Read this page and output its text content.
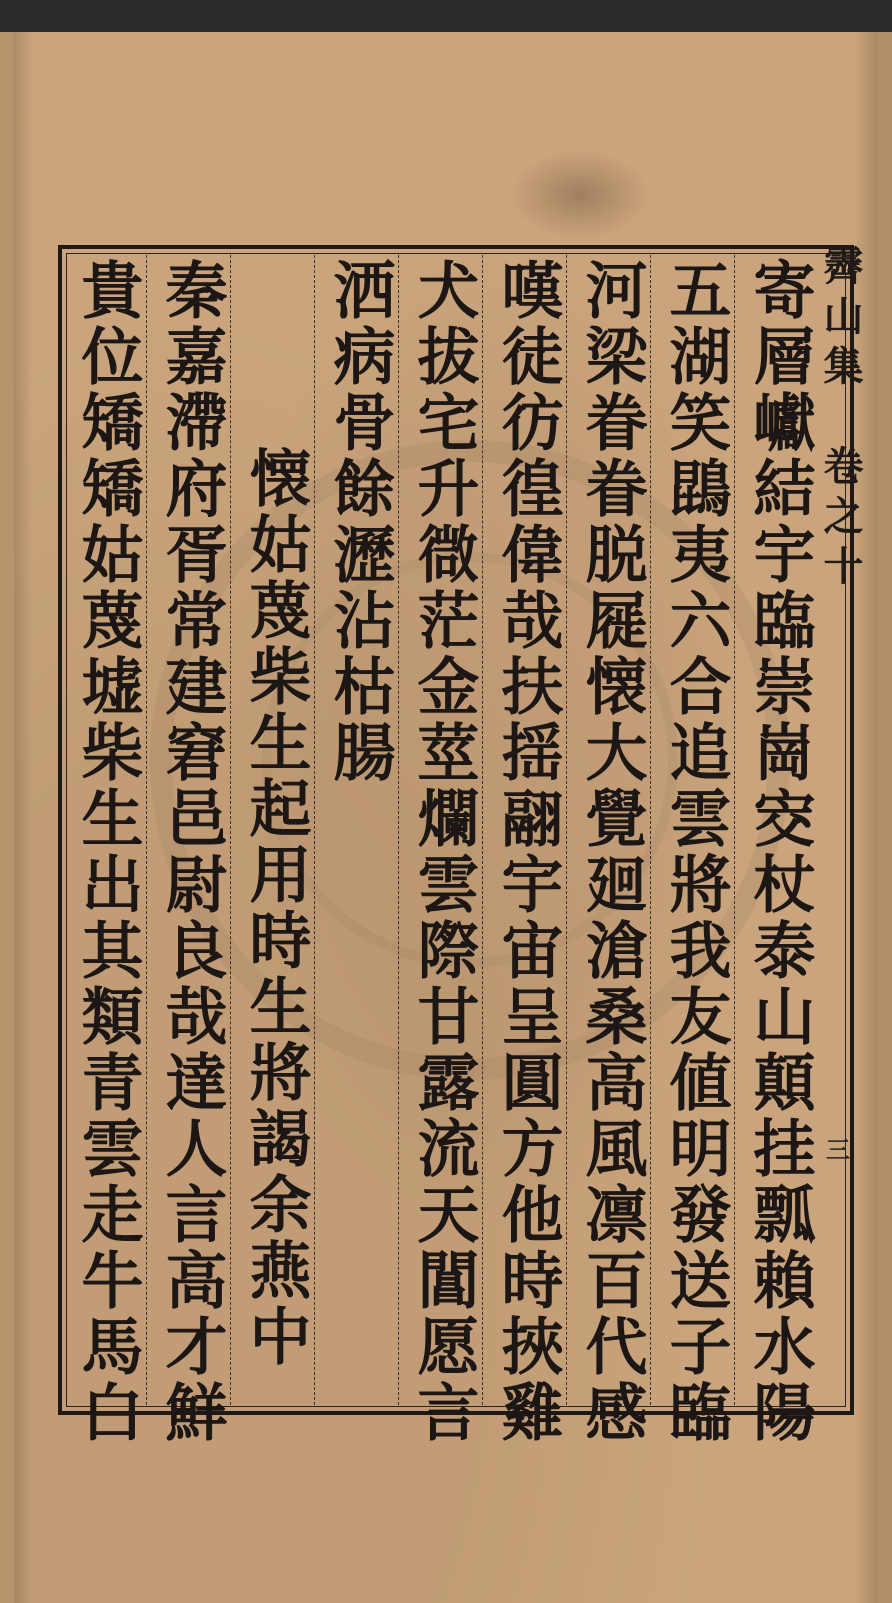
寄層巘結宇臨崇崗㝔杖泰山顛挂瓢賴水陽
五湖笑鵾夷六合追雲將我友値明發送子臨
河梁眷眷脱屣懐大覺廻滄桑高風凛百代感
嘆徒彷徨偉哉扶揺翮宇宙呈圓方他時挾雞
犬拔宅升㣲茫金莖爛雲際甘露流天閶愿言
洒病骨餘瀝沾枯腸
　懐姑蔑柴生起用時生將謁余燕中
秦嘉滯府胥常建窘邑尉良哉達人言高才鮮
貴位矯矯姑蔑墟柴生出其類青雲走牛馬白	霽山集　卷之十
三
